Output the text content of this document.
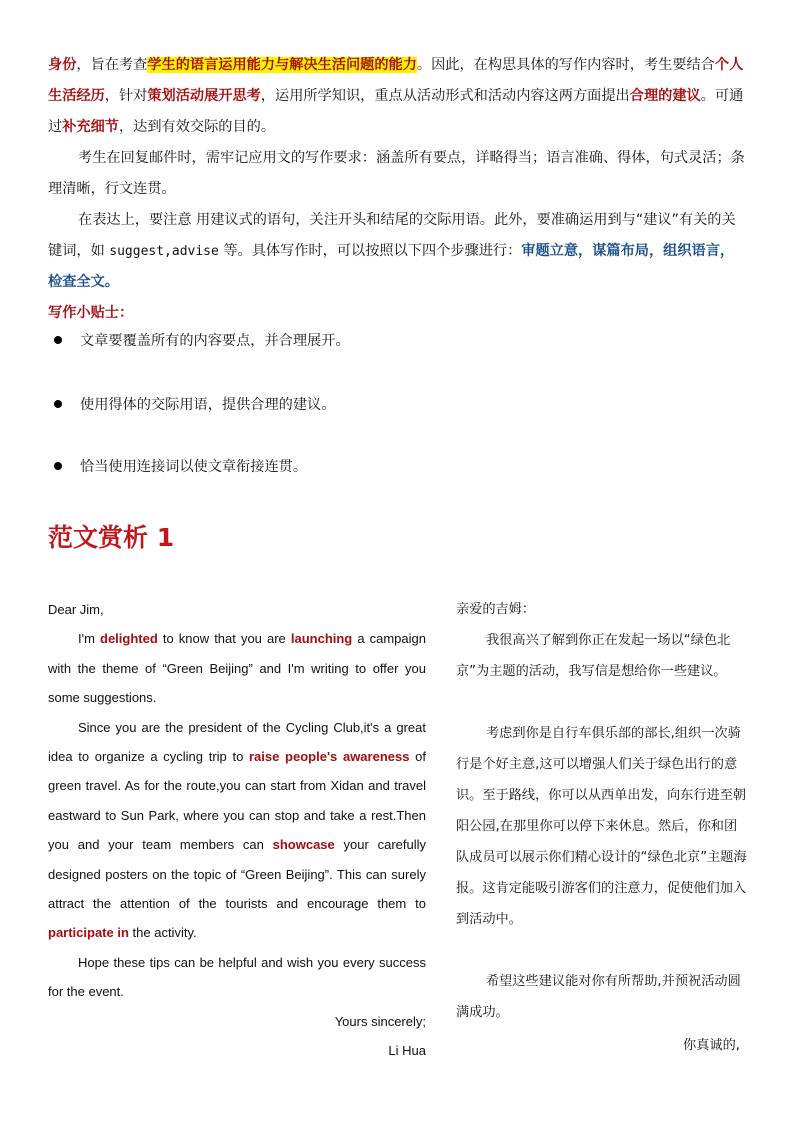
身份，旨在考查学生的语言运用能力与解决生活问题的能力。因此，在构思具体的写作内容时，考生要结合个人生活经历，针对策划活动展开思考，运用所学知识，重点从活动形式和活动内容这两方面提出合理的建议。可通过补充细节，达到有效交际的目的。

考生在回复邮件时，需牢记应用文的写作要求：涵盖所有要点，详略得当；语言准确、得体，句式灵活；条理清晰，行文连贯。

在表达上，要注意 用建议式的语句，关注开头和结尾的交际用语。此外，要准确运用到与“建议”有关的关键词，如 suggest,advise 等。具体写作时，可以按照以下四个步骤进行：审题立意，谋篇布局，组织语言，检查全文。

写作小贴士：

文章要覆盖所有的内容要点，并合理展开。

使用得体的交际用语，提供合理的建议。

恰当使用连接词以使文章衔接连贯。

范文赏析 1

Dear Jim,

I'm delighted to know that you are launching a campaign with the theme of “Green Beijing” and I'm writing to offer you some suggestions.

Since you are the president of the Cycling Club,it's a great idea to organize a cycling trip to raise people's awareness of green travel. As for the route,you can start from Xidan and travel eastward to Sun Park, where you can stop and take a rest.Then you and your team members can showcase your carefully designed posters on the topic of “Green Beijing”. This can surely attract the attention of the tourists and encourage them to participate in the activity.

Hope these tips can be helpful and wish you every success for the event.

Yours sincerely;

Li Hua

亲爱的吉姆：

我很高兴了解到你正在发起一场以“绿色北京”为主题的活动，我写信是想给你一些建议。

考虑到你是自行车俱乐部的部长,组织一次骑行是个好主意,这可以增强人们关于绿色出行的意识。至于路线，你可以从西单出发，向东行进至朝阳公园,在那里你可以停下来休息。然后，你和团队成员可以展示你们精心设计的“绿色北京”主题海报。这肯定能吸引游客们的注意力，促使他们加入到活动中。

希望这些建议能对你有所帮助,并预祝活动圆满成功。

你真诚的,
